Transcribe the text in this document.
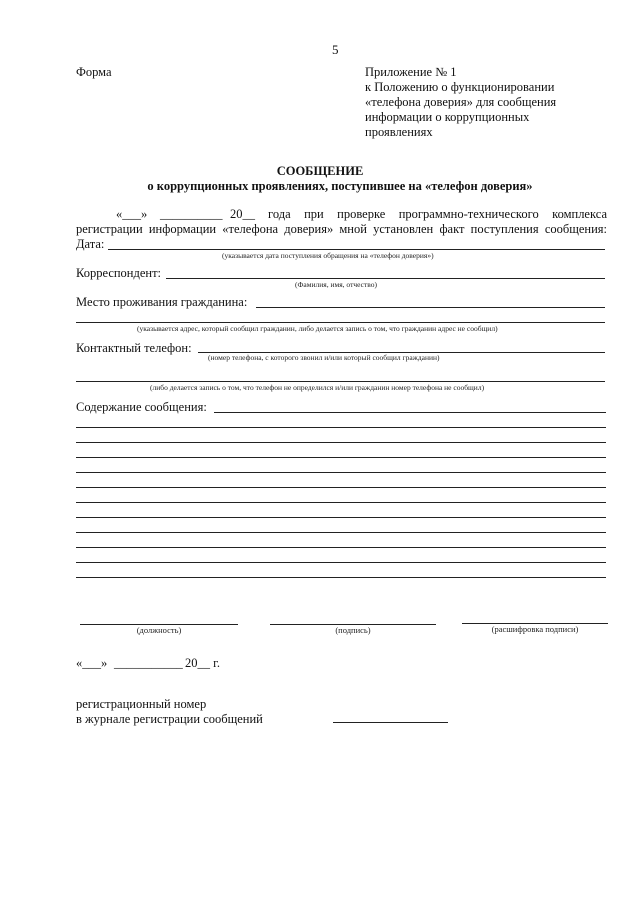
5
Форма	Приложение № 1
к Положению о функционировании
«телефона доверия» для сообщения
информации о коррупционных
проявлениях
СООБЩЕНИЕ
о коррупционных проявлениях, поступившее на «телефон доверия»
«___» __________ 20__ года при проверке программно-технического комплекса
регистрации информации «телефона доверия» мной установлен факт поступления сообщения:
Дата:
(указывается дата поступления обращения на «телефон доверия»)
Корреспондент:
(Фамилия, имя, отчество)
Место проживания гражданина:
(указывается адрес, который сообщил гражданин, либо делается запись о том, что гражданин адрес не сообщил)
Контактный телефон:
(номер телефона, с которого звонил и/или который сообщил гражданин)
(либо делается запись о том, что телефон не определился и/или гражданин номер телефона не сообщил)
Содержание сообщения:
(должность)	(подпись)	(расшифровка подписи)
«___» ___________ 20__ г.
регистрационный номер
в журнале регистрации сообщений
